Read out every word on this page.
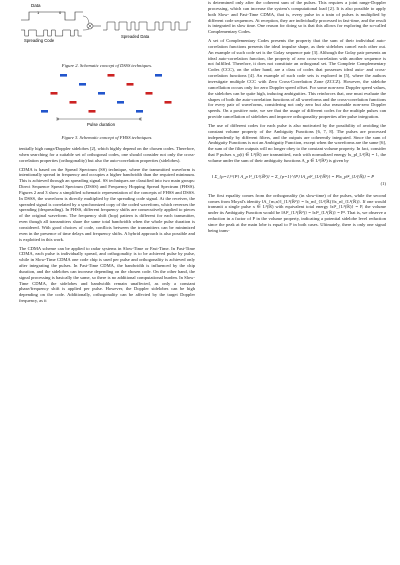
Data
1	0
Spreading Code
Spreaded Data
Figure 2. Schematic concept of DSSS techniques.
Pulse duration
Figure 3. Schematic concept of FHSS techniques.

tentially high range/Doppler sidelobes [2], which highly depend on the chosen codes. Therefore, when searching for a suitable set of orthogonal codes, one should consider not only the cross-correlation properties (orthogonality) but also the auto-correlation properties (sidelobes).

CDMA is based on the Spread Spectrum (SS) technique, where the transmitted waveform is intentionally spread in frequency and occupies a higher bandwidth than the required minimum. This is achieved through an spreading signal. SS techniques are classified into two main groups: Direct Sequence Spread Spectrum (DSSS) and Frequency Hopping Spread Spectrum (FHSS). Figures 2 and 3 show a simplified schematic representation of the concepts of FHSS and DSSS. In DSSS, the waveform is directly multiplied by the spreading code signal. At the receiver, the spreaded signal is correlated by a synchronized copy of the coded waveform, which reverses the spreading (despreading). In FHSS, different frequency shifts are consecutively applied to pieces of the original waveform. The frequency shift (hop) pattern is different for each transmitter, even though all transmitters share the same total bandwidth when the whole pulse duration is considered. With good choices of code, conflicts between the transmitters can be minimized even in the presence of time delays and frequency shifts. A hybrid approach is also possible and is exploited in this work.

The CDMA scheme can be applied to radar systems in Slow-Time or Fast-Time. In Fast-Time CDMA, each pulse is individually spread, and orthogonality is to be achieved pulse by pulse, while in Slow-Time CDMA one code chip is used per pulse and orthogonality is achieved only after integrating the pulses. In Fast-Time CDMA, the bandwidth is influenced by the chip duration, and the sidelobes can increase depending on the chosen code. On the other hand, the signal processing is basically the same, so there is no additional computational burden. In Slow-Time CDMA, the sidelobes and bandwidth remain unaffected, as only a constant phase/frequency shift is applied per pulse. However, the Doppler sidelobes can be high depending on the code. Additionally, orthogonality can be affected by the target Doppler frequency, as it

is determined only after the coherent sum of the pulses. This requires a joint range-Doppler processing, which can increase the system's computational load [2]. It is also possible to apply both Slow- and Fast-Time CDMA, that is, every pulse in a train of pulses is multiplied by different code sequences. At reception, they are individually processed in fast-time, and the result is integrated in slow time. One reason for doing so is that this allows for exploring the so-called Complementary Codes.

A set of Complementary Codes presents the property that the sum of their individual auto-correlation functions presents the ideal impulse shape, as their sidelobes cancel each other out. An example of such code set is the Golay sequence pair [3]. Although the Golay pair presents an ideal auto-correlation function, the property of zero cross-correlation with another sequence is not fulfilled. Therefore, it does not constitute an orthogonal set. The Complete Complementary Codes (CCC), on the other hand, are a class of codes that possesses ideal auto- and cross-correlation functions [4]. An example of such code sets is explored in [5], where the authors investigate multiple CCC with Zero Cross-Correlation Zone (ZCCZ). However, the sidelobe cancellation occurs only for zero Doppler speed offset. For some non-zero Doppler speed values, the sidelobes can be quite high, inducing ambiguities. This reinforces that, one must evaluate the shapes of both the auto-correlation functions of all waveforms and the cross-correlation functions for every pair of waveforms, considering not only zero but also reasonable non-zero Doppler speeds. On a positive note, we see that the usage of different codes for the multiple pulses can provide cancellation of sidelobes and improve orthogonality properties after pulse integration.

The use of different codes for each pulse is also motivated by the possibility of avoiding the constant volume property of the Ambiguity Functions [6, 7, 8]. The pulses are processed independently by different filters, and the outputs are coherently integrated. Since the sum of Ambiguity Functions is not an Ambiguity Function, except when the waveforms are the same [6], the sum of the filter outputs will no longer obey to the constant volume property. In fact, consider that P pulses x_p(t) ∈ L²(ℝ) are transmitted, each with normalized energy ‖x_p‖_L²(ℝ) = 1, the volume under the sum of their ambiguity functions A_p ∈ L²(ℝ²) is given by

‖ Σ_{p=1}^{P} A_p ‖²_{L²(ℝ²)} = Σ_{p=1}^{P} ‖A_p‖²_{L²(ℝ²)} = P‖x_p‖⁴_{L²(ℝ)} = P
(1)

The first equality comes from the orthogonality (in slow-time) of the pulses, while the second comes from Moyal's identity ‖A_{m,n}‖_{L²(ℝ²)} = ‖x_m‖_{L²(ℝ)}‖x_n‖_{L²(ℝ)}. If one would transmit a single pulse x ∈ L²(ℝ) with equivalent total energy ‖x‖²_{L²(ℝ)} = P, the volume under its Ambiguity Function would be ‖A‖²_{L²(ℝ²)} = ‖x‖⁴_{L²(ℝ)} = P². That is, we observe a reduction in a factor of P in the volume property, indicating a potential sidelobe level reduction since the peak at the main lobe is equal to P in both cases. Ultimately, there is only one signal being trans-
